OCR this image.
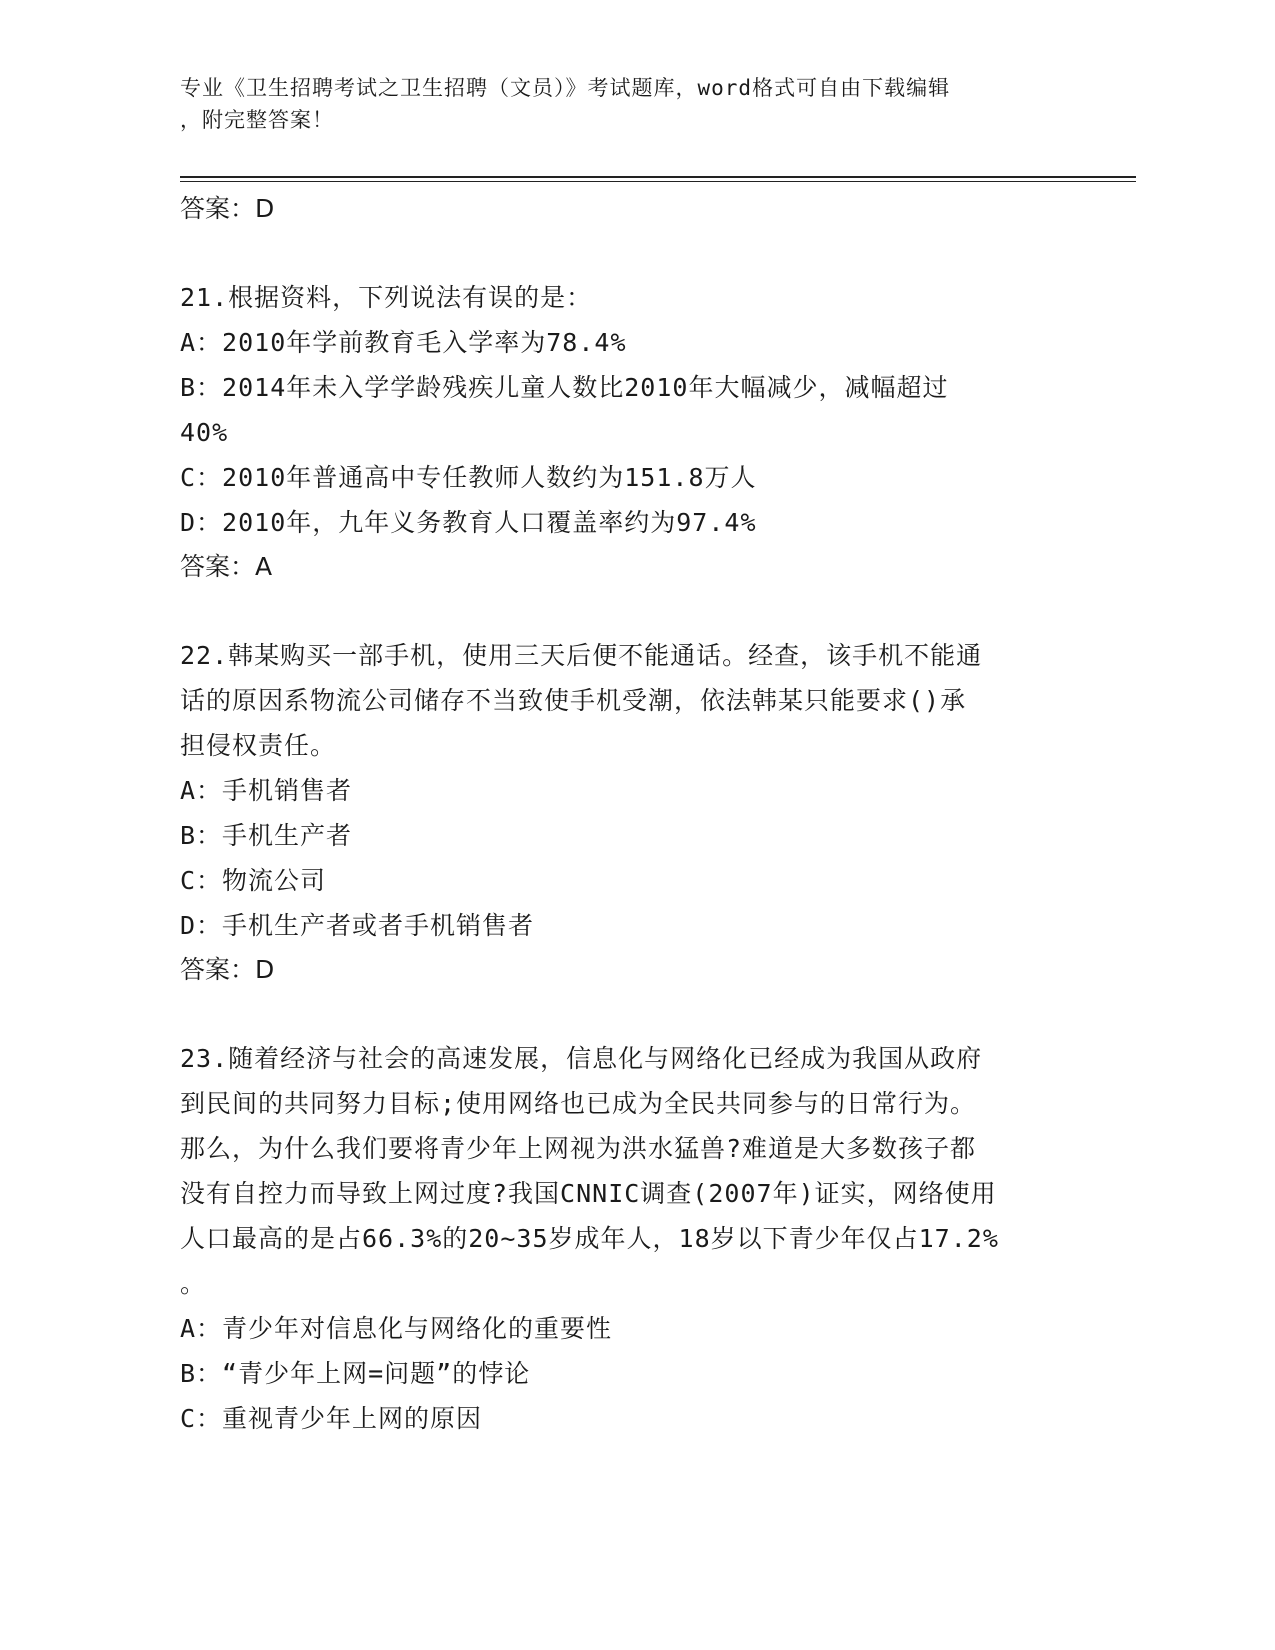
专业《卫生招聘考试之卫生招聘（文员）》考试题库，word格式可自由下载编辑
，附完整答案！
答案：D
21.根据资料，下列说法有误的是：
A：2010年学前教育毛入学率为78.4%
B：2014年未入学学龄残疾儿童人数比2010年大幅减少，减幅超过
40%
C：2010年普通高中专任教师人数约为151.8万人
D：2010年，九年义务教育人口覆盖率约为97.4%
答案：A
22.韩某购买一部手机，使用三天后便不能通话。经查，该手机不能通
话的原因系物流公司储存不当致使手机受潮，依法韩某只能要求()承
担侵权责任。
A：手机销售者
B：手机生产者
C：物流公司
D：手机生产者或者手机销售者
答案：D
23.随着经济与社会的高速发展，信息化与网络化已经成为我国从政府
到民间的共同努力目标;使用网络也已成为全民共同参与的日常行为。
那么，为什么我们要将青少年上网视为洪水猛兽?难道是大多数孩子都
没有自控力而导致上网过度?我国CNNIC调查(2007年)证实，网络使用
人口最高的是占66.3%的20~35岁成年人，18岁以下青少年仅占17.2%
。
A：青少年对信息化与网络化的重要性
B：“青少年上网=问题”的悖论
C：重视青少年上网的原因
